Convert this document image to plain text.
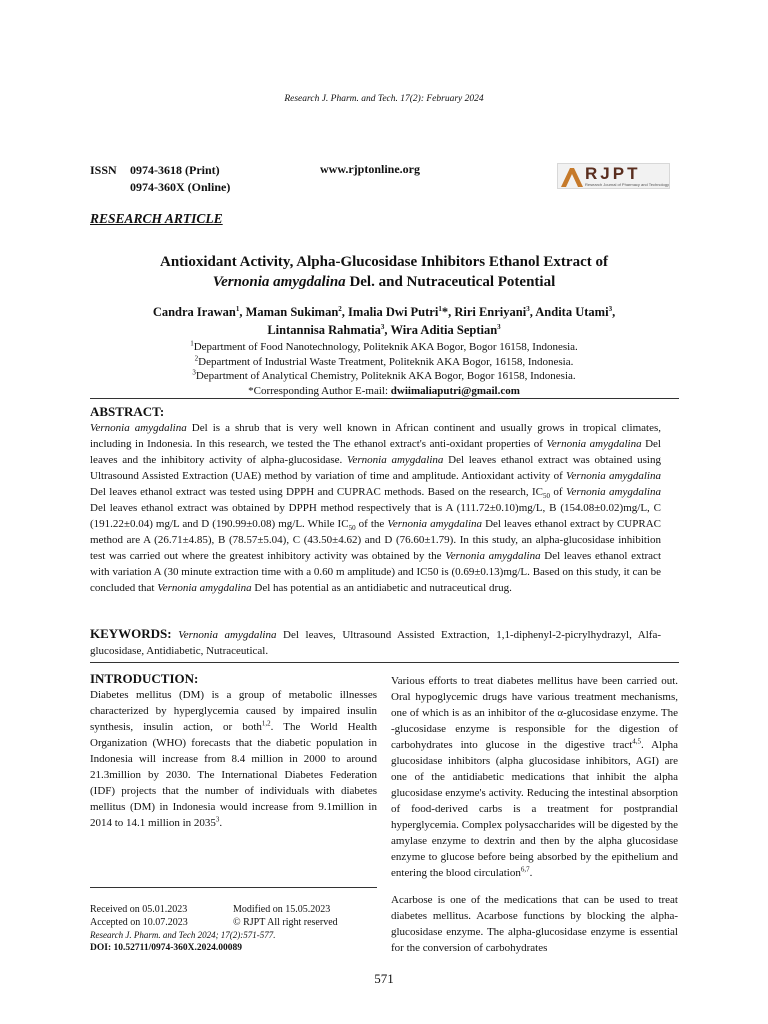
Research J. Pharm. and Tech. 17(2): February 2024
ISSN 0974-3618 (Print)
0974-360X (Online)
www.rjptonline.org	RJPT
Research Journal of Pharmacy and Technology
RESEARCH ARTICLE
Antioxidant Activity, Alpha-Glucosidase Inhibitors Ethanol Extract of
Vernonia amygdalina Del. and Nutraceutical Potential
Candra Irawan$^1$, Maman Sukiman$^2$, Imalia Dwi Putri$^1$*, Riri Enriyani$^3$, Andita Utami$^3$,
Lintannisa Rahmatia$^3$, Wira Aditia Septian$^3$
$^1$Department of Food Nanotechnology, Politeknik AKA Bogor, Bogor 16158, Indonesia.
$^2$Department of Industrial Waste Treatment, Politeknik AKA Bogor, 16158, Indonesia.
$^3$Department of Analytical Chemistry, Politeknik AKA Bogor, Bogor 16158, Indonesia.
*Corresponding Author E-mail: dwiimaliaputri@gmail.com
ABSTRACT:
Vernonia amygdalina Del is a shrub that is very well known in African continent and usually grows in tropical climates, including in Indonesia. In this research, we tested the The ethanol extract's anti-oxidant properties of Vernonia amygdalina Del leaves and the inhibitory activity of alpha-glucosidase. Vernonia amygdalina Del leaves ethanol extract was obtained using Ultrasound Assisted Extraction (UAE) method by variation of time and amplitude. Antioxidant activity of Vernonia amygdalina Del leaves ethanol extract was tested using DPPH and CUPRAC methods. Based on the research, $IC_{50}$ of Vernonia amygdalina Del leaves ethanol extract was obtained by DPPH method respectively that is A (111.72±0.10)mg/L, B (154.08±0.02)mg/L, C (191.22±0.04) mg/L and D (190.99±0.08) mg/L. While $IC_{50}$ of the Vernonia amygdalina Del leaves ethanol extract by CUPRAC method are A (26.71±4.85), B (78.57±5.04), C (43.50±4.62) and D (76.60±1.79). In this study, an alpha-glucosidase inhibition test was carried out where the greatest inhibitory activity was obtained by the Vernonia amygdalina Del leaves ethanol extract with variation A (30 minute extraction time with a 0.60 m amplitude) and IC50 is (0.69±0.13)mg/L. Based on this study, it can be concluded that Vernonia amygdalina Del has potential as an antidiabetic and nutraceutical drug.
KEYWORDS: Vernonia amygdalina Del leaves, Ultrasound Assisted Extraction, 1,1-diphenyl-2-picrylhydrazyl, Alfa-glucosidase, Antidiabetic, Nutraceutical.
INTRODUCTION:
Diabetes mellitus (DM) is a group of metabolic illnesses characterized by hyperglycemia caused by impaired insulin synthesis, insulin action, or both$^{1,2}$. The World Health Organization (WHO) forecasts that the diabetic population in Indonesia will increase from 8.4 million in 2000 to around 21.3million by 2030. The International Diabetes Federation (IDF) projects that the number of individuals with diabetes mellitus (DM) in Indonesia would increase from 9.1million in 2014 to 14.1 million in 2035$^3$.

Various efforts to treat diabetes mellitus have been carried out. Oral hypoglycemic drugs have various treatment mechanisms, one of which is as an inhibitor of the α-glucosidase enzyme. The -glucosidase enzyme is responsible for the digestion of carbohydrates into glucose in the digestive tract$^{4,5}$. Alpha glucosidase inhibitors (alpha glucosidase inhibitors, AGI) are one of the antidiabetic medications that inhibit the alpha glucosidase enzyme's activity. Reducing the intestinal absorption of food-derived carbs is a treatment for postprandial hyperglycemia. Complex polysaccharides will be digested by the amylase enzyme to dextrin and then by the alpha glucosidase enzyme to glucose before being absorbed by the epithelium and entering the blood circulation$^{6,7}$.

Acarbose is one of the medications that can be used to treat diabetes mellitus. Acarbose functions by blocking the alpha-glucosidase enzyme. The alpha-glucosidase enzyme is essential for the conversion of carbohydrates

Received on 05.01.2023	Modified on 15.05.2023
Accepted on 10.07.2023	© RJPT All right reserved
Research J. Pharm. and Tech 2024; 17(2):571-577.
DOI: 10.52711/0974-360X.2024.00089
571
